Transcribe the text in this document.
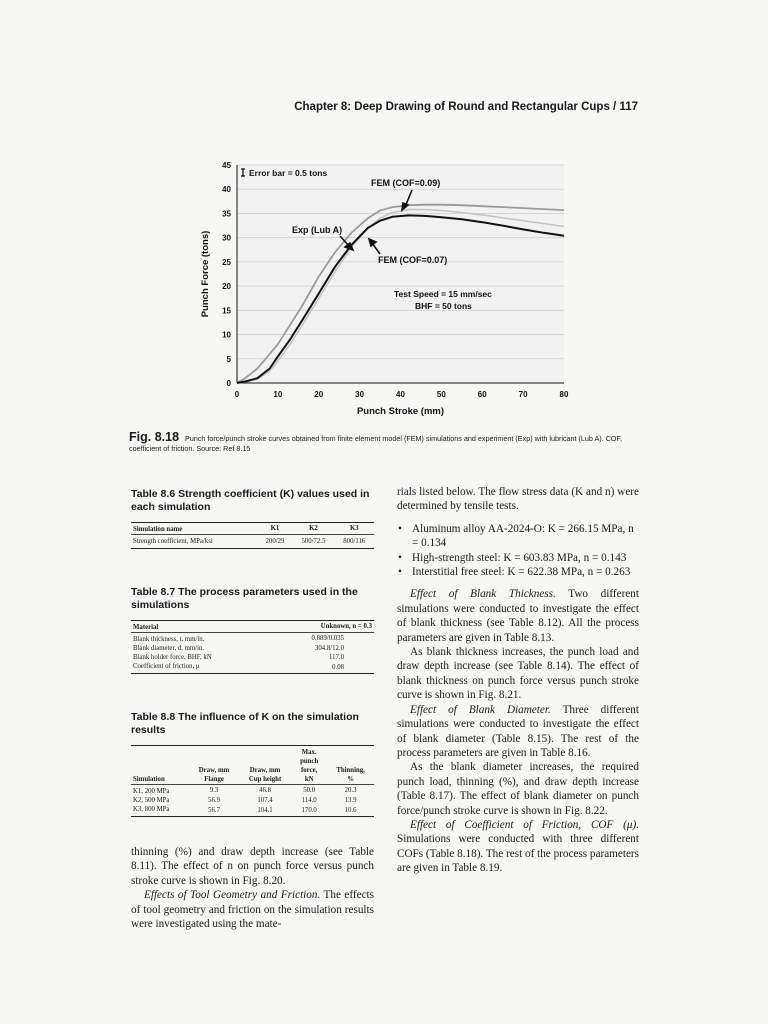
Chapter 8: Deep Drawing of Round and Rectangular Cups / 117
0
5
10
15
20
25
30
35
40
45
0	10	20	30	40	50	60	70	80
Punch Stroke (mm)
Punch Force (tons)
Error bar = 0.5 tons
FEM (COF=0.09)
Exp (Lub A)
FEM (COF=0.07)
Test Speed = 15 mm/sec
BHF = 50 tons
Fig. 8.18 Punch force/punch stroke curves obtained from finite element model (FEM) simulations and experiment (Exp) with lubricant (Lub A). COF, coefficient of friction. Source: Ref 8.15
Table 8.6 Strength coefficient (K) values used in each simulation
Simulation name	K1	K2	K3
Strength coefficient, MPa/ksi	200/29	500/72.5	800/116
Table 8.7 The process parameters used in the simulations
Material	Unknown, n = 0.3
Blank thickness, t, mm/in.	0.889/0.035
Blank diameter, d, mm/in.	304.8/12.0
Blank holder force, BHF, kN	117.0
Coefficient of friction, μ	0.08
Table 8.8 The influence of K on the simulation results
	Draw, mm	Draw, mm	Max. punch force,	Thinning,
Simulation	Flange	Cup height	kN	%
K1, 200 MPa	9.3	46.8	50.0	20.3
K2, 500 MPa	56.9	107.4	114.0	13.9
K3, 800 MPa	56.7	104.1	170.0	10.6

thinning (%) and draw depth increase (see Table 8.11). The effect of n on punch force versus punch stroke curve is shown in Fig. 8.20.

Effects of Tool Geometry and Friction. The effects of tool geometry and friction on the simulation results were investigated using the mate-

rials listed below. The flow stress data (K and n) were determined by tensile tests.

• Aluminum alloy AA-2024-O: K = 266.15 MPa, n = 0.134
• High-strength steel: K = 603.83 MPa, n = 0.143
• Interstitial free steel: K = 622.38 MPa, n = 0.263

Effect of Blank Thickness. Two different simulations were conducted to investigate the effect of blank thickness (see Table 8.12). All the process parameters are given in Table 8.13.

As blank thickness increases, the punch load and draw depth increase (see Table 8.14). The effect of blank thickness on punch force versus punch stroke curve is shown in Fig. 8.21.

Effect of Blank Diameter. Three different simulations were conducted to investigate the effect of blank diameter (Table 8.15). The rest of the process parameters are given in Table 8.16.

As the blank diameter increases, the required punch load, thinning (%), and draw depth increase (Table 8.17). The effect of blank diameter on punch force/punch stroke curve is shown in Fig. 8.22.

Effect of Coefficient of Friction, COF (μ). Simulations were conducted with three different COFs (Table 8.18). The rest of the process parameters are given in Table 8.19.
